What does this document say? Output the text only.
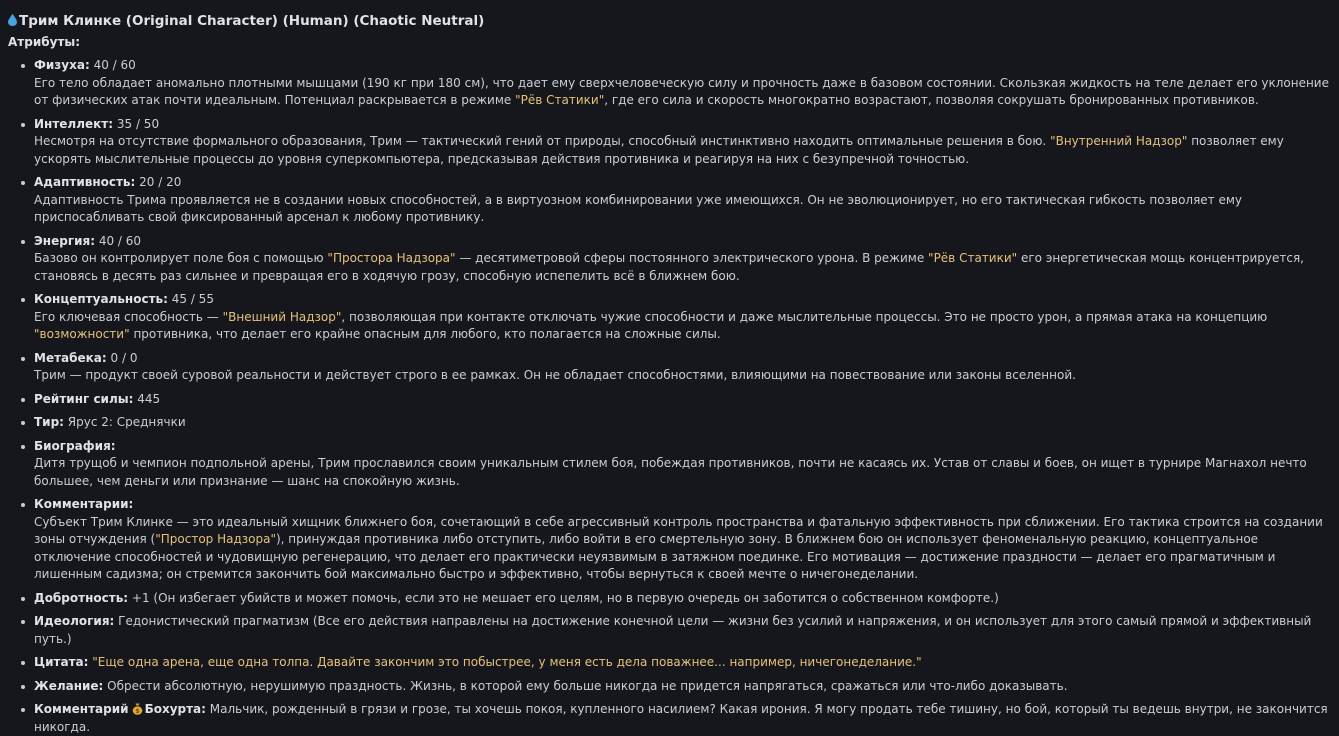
Трим Клинке (Original Character) (Human) (Chaotic Neutral)
Атрибуты:
Физуха: 40 / 60
Его тело обладает аномально плотными мышцами (190 кг при 180 см), что дает ему сверхчеловеческую силу и прочность даже в базовом состоянии. Скользкая жидкость на теле делает его уклонение от физических атак почти идеальным. Потенциал раскрывается в режиме "Рёв Статики", где его сила и скорость многократно возрастают, позволяя сокрушать бронированных противников.
Интеллект: 35 / 50
Несмотря на отсутствие формального образования, Трим — тактический гений от природы, способный инстинктивно находить оптимальные решения в бою. "Внутренний Надзор" позволяет ему ускорять мыслительные процессы до уровня суперкомпьютера, предсказывая действия противника и реагируя на них с безупречной точностью.
Адаптивность: 20 / 20
Адаптивность Трима проявляется не в создании новых способностей, а в виртуозном комбинировании уже имеющихся. Он не эволюционирует, но его тактическая гибкость позволяет ему приспосабливать свой фиксированный арсенал к любому противнику.
Энергия: 40 / 60
Базово он контролирует поле боя с помощью "Простора Надзора" — десятиметровой сферы постоянного электрического урона. В режиме "Рёв Статики" его энергетическая мощь концентрируется, становясь в десять раз сильнее и превращая его в ходячую грозу, способную испепелить всё в ближнем бою.
Концептуальность: 45 / 55
Его ключевая способность — "Внешний Надзор", позволяющая при контакте отключать чужие способности и даже мыслительные процессы. Это не просто урон, а прямая атака на концепцию "возможности" противника, что делает его крайне опасным для любого, кто полагается на сложные силы.
Метабека: 0 / 0
Трим — продукт своей суровой реальности и действует строго в ее рамках. Он не обладает способностями, влияющими на повествование или законы вселенной.
Рейтинг силы: 445
Тир: Ярус 2: Среднячки
Биография:
Дитя трущоб и чемпион подпольной арены, Трим прославился своим уникальным стилем боя, побеждая противников, почти не касаясь их. Устав от славы и боев, он ищет в турнире Магнахол нечто большее, чем деньги или признание — шанс на спокойную жизнь.
Комментарии:
Субъект Трим Клинке — это идеальный хищник ближнего боя, сочетающий в себе агрессивный контроль пространства и фатальную эффективность при сближении. Его тактика строится на создании зоны отчуждения ("Простор Надзора"), принуждая противника либо отступить, либо войти в его смертельную зону. В ближнем бою он использует феноменальную реакцию, концептуальное отключение способностей и чудовищную регенерацию, что делает его практически неуязвимым в затяжном поединке. Его мотивация — достижение праздности — делает его прагматичным и лишенным садизма; он стремится закончить бой максимально быстро и эффективно, чтобы вернуться к своей мечте о ничегонеделании.
Добротность: +1 (Он избегает убийств и может помочь, если это не мешает его целям, но в первую очередь он заботится о собственном комфорте.)
Идеология: Гедонистический прагматизм (Все его действия направлены на достижение конечной цели — жизни без усилий и напряжения, и он использует для этого самый прямой и эффективный путь.)
Цитата: "Еще одна арена, еще одна толпа. Давайте закончим это побыстрее, у меня есть дела поважнее... например, ничегонеделание."
Желание: Обрести абсолютную, нерушимую праздность. Жизнь, в которой ему больше никогда не придется напрягаться, сражаться или что-либо доказывать.
Комментарий $ Бохурта: Мальчик, рожденный в грязи и грозе, ты хочешь покоя, купленного насилием? Какая ирония. Я могу продать тебе тишину, но бой, который ты ведешь внутри, не закончится никогда.
